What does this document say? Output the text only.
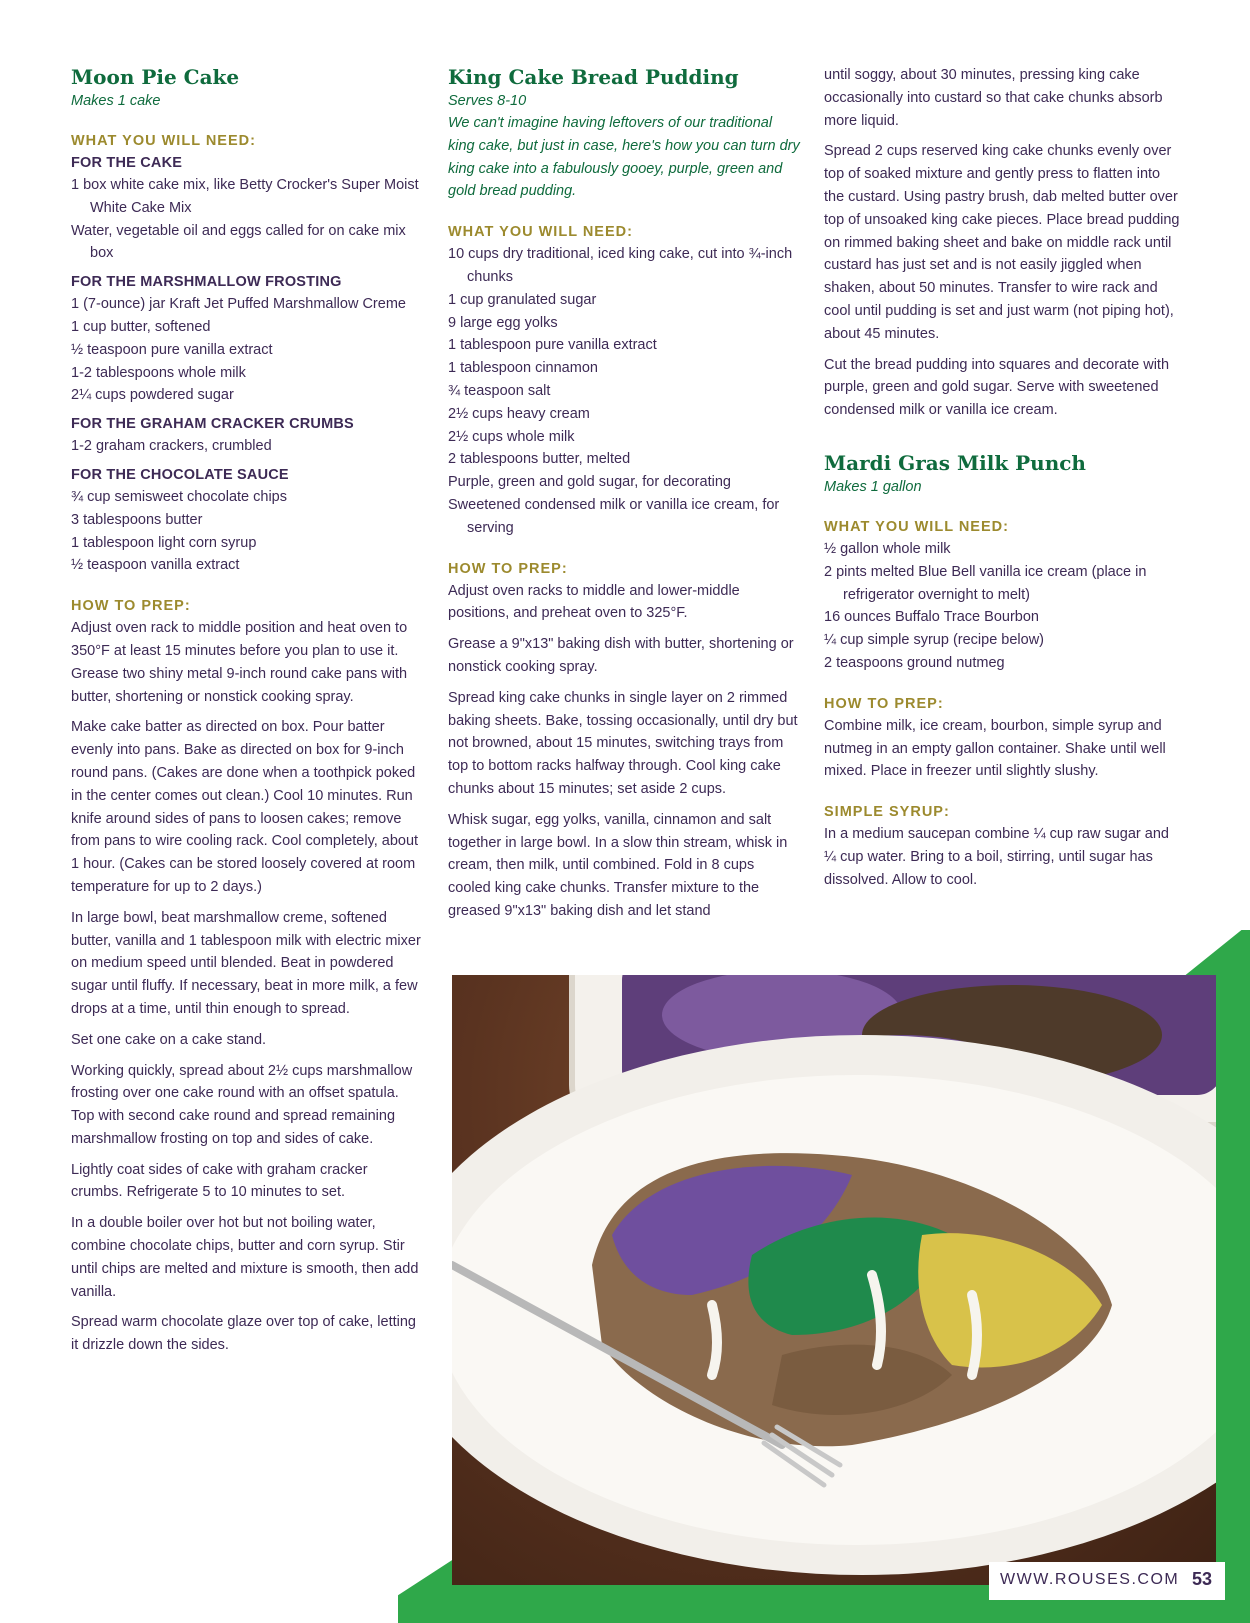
Moon Pie Cake

Makes 1 cake

WHAT YOU WILL NEED:
FOR THE CAKE
1 box white cake mix, like Betty Crocker's Super Moist White Cake Mix
Water, vegetable oil and eggs called for on cake mix box
FOR THE MARSHMALLOW FROSTING
1 (7-ounce) jar Kraft Jet Puffed Marshmallow Creme
1 cup butter, softened
½ teaspoon pure vanilla extract
1-2 tablespoons whole milk
2¼ cups powdered sugar
FOR THE GRAHAM CRACKER CRUMBS
1-2 graham crackers, crumbled
FOR THE CHOCOLATE SAUCE
¾ cup semisweet chocolate chips
3 tablespoons butter
1 tablespoon light corn syrup
½ teaspoon vanilla extract
HOW TO PREP:

Adjust oven rack to middle position and heat oven to 350°F at least 15 minutes before you plan to use it. Grease two shiny metal 9-inch round cake pans with butter, shortening or nonstick cooking spray.

Make cake batter as directed on box. Pour batter evenly into pans. Bake as directed on box for 9-inch round pans. (Cakes are done when a toothpick poked in the center comes out clean.) Cool 10 minutes. Run knife around sides of pans to loosen cakes; remove from pans to wire cooling rack. Cool completely, about 1 hour. (Cakes can be stored loosely covered at room temperature for up to 2 days.)

In large bowl, beat marshmallow creme, softened butter, vanilla and 1 tablespoon milk with electric mixer on medium speed until blended. Beat in powdered sugar until fluffy. If necessary, beat in more milk, a few drops at a time, until thin enough to spread.

Set one cake on a cake stand.

Working quickly, spread about 2½ cups marshmallow frosting over one cake round with an offset spatula. Top with second cake round and spread remaining marshmallow frosting on top and sides of cake.

Lightly coat sides of cake with graham cracker crumbs. Refrigerate 5 to 10 minutes to set.

In a double boiler over hot but not boiling water, combine chocolate chips, butter and corn syrup. Stir until chips are melted and mixture is smooth, then add vanilla.

Spread warm chocolate glaze over top of cake, letting it drizzle down the sides.

King Cake Bread Pudding

Serves 8-10

We can't imagine having leftovers of our traditional king cake, but just in case, here's how you can turn dry king cake into a fabulously gooey, purple, green and gold bread pudding.

WHAT YOU WILL NEED:
10 cups dry traditional, iced king cake, cut into ¾-inch chunks
1 cup granulated sugar
9 large egg yolks
1 tablespoon pure vanilla extract
1 tablespoon cinnamon
¾ teaspoon salt
2½ cups heavy cream
2½ cups whole milk
2 tablespoons butter, melted
Purple, green and gold sugar, for decorating
Sweetened condensed milk or vanilla ice cream, for serving
HOW TO PREP:

Adjust oven racks to middle and lower-middle positions, and preheat oven to 325°F.

Grease a 9"x13" baking dish with butter, shortening or nonstick cooking spray.

Spread king cake chunks in single layer on 2 rimmed baking sheets. Bake, tossing occasionally, until dry but not browned, about 15 minutes, switching trays from top to bottom racks halfway through. Cool king cake chunks about 15 minutes; set aside 2 cups.

Whisk sugar, egg yolks, vanilla, cinnamon and salt together in large bowl. In a slow thin stream, whisk in cream, then milk, until combined. Fold in 8 cups cooled king cake chunks. Transfer mixture to the greased 9"x13" baking dish and let stand

until soggy, about 30 minutes, pressing king cake occasionally into custard so that cake chunks absorb more liquid.

Spread 2 cups reserved king cake chunks evenly over top of soaked mixture and gently press to flatten into the custard. Using pastry brush, dab melted butter over top of unsoaked king cake pieces. Place bread pudding on rimmed baking sheet and bake on middle rack until custard has just set and is not easily jiggled when shaken, about 50 minutes. Transfer to wire rack and cool until pudding is set and just warm (not piping hot), about 45 minutes.

Cut the bread pudding into squares and decorate with purple, green and gold sugar. Serve with sweetened condensed milk or vanilla ice cream.

Mardi Gras Milk Punch

Makes 1 gallon

WHAT YOU WILL NEED:
½ gallon whole milk
2 pints melted Blue Bell vanilla ice cream (place in refrigerator overnight to melt)
16 ounces Buffalo Trace Bourbon
¼ cup simple syrup (recipe below)
2 teaspoons ground nutmeg
HOW TO PREP:

Combine milk, ice cream, bourbon, simple syrup and nutmeg in an empty gallon container. Shake until well mixed. Place in freezer until slightly slushy.

SIMPLE SYRUP:

In a medium saucepan combine ¼ cup raw sugar and ¼ cup water. Bring to a boil, stirring, until sugar has dissolved. Allow to cool.

WWW.ROUSES.COM 53
